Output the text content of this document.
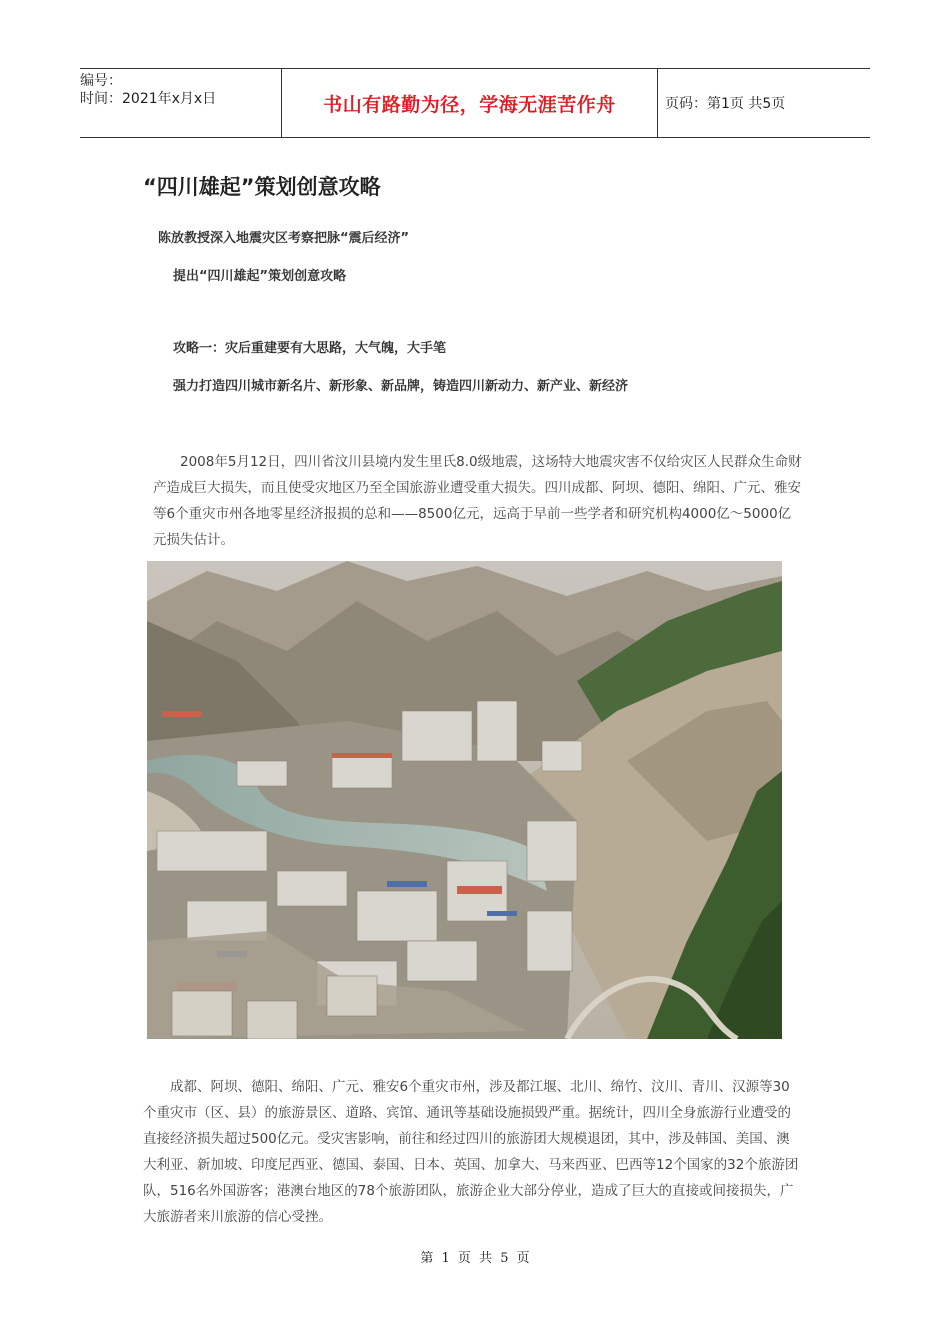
编号：
时间：2021年x月x日	书山有路勤为径，学海无涯苦作舟	页码：第1页 共5页
“四川雄起”策划创意攻略
陈放教授深入地震灾区考察把脉“震后经济”
提出“四川雄起”策划创意攻略
攻略一：灾后重建要有大思路，大气魄，大手笔
强力打造四川城市新名片、新形象、新品牌，铸造四川新动力、新产业、新经济

2008年5月12日，四川省汶川县境内发生里氏8.0级地震，这场特大地震灾害不仅给灾区人民群众生命财产造成巨大损失，而且使受灾地区乃至全国旅游业遭受重大损失。四川成都、阿坝、德阳、绵阳、广元、雅安等6个重灾市州各地零星经济报损的总和——8500亿元，远高于早前一些学者和研究机构4000亿～5000亿元损失估计。

成都、阿坝、德阳、绵阳、广元、雅安6个重灾市州，涉及都江堰、北川、绵竹、汶川、青川、汉源等30个重灾市（区、县）的旅游景区、道路、宾馆、通讯等基础设施损毁严重。据统计，四川全身旅游行业遭受的直接经济损失超过500亿元。受灾害影响，前往和经过四川的旅游团大规模退团，其中，涉及韩国、美国、澳大利亚、新加坡、印度尼西亚、德国、泰国、日本、英国、加拿大、马来西亚、巴西等12个国家的32个旅游团队，516名外国游客；港澳台地区的78个旅游团队，旅游企业大部分停业，造成了巨大的直接或间接损失，广大旅游者来川旅游的信心受挫。

第 1 页 共 5 页
